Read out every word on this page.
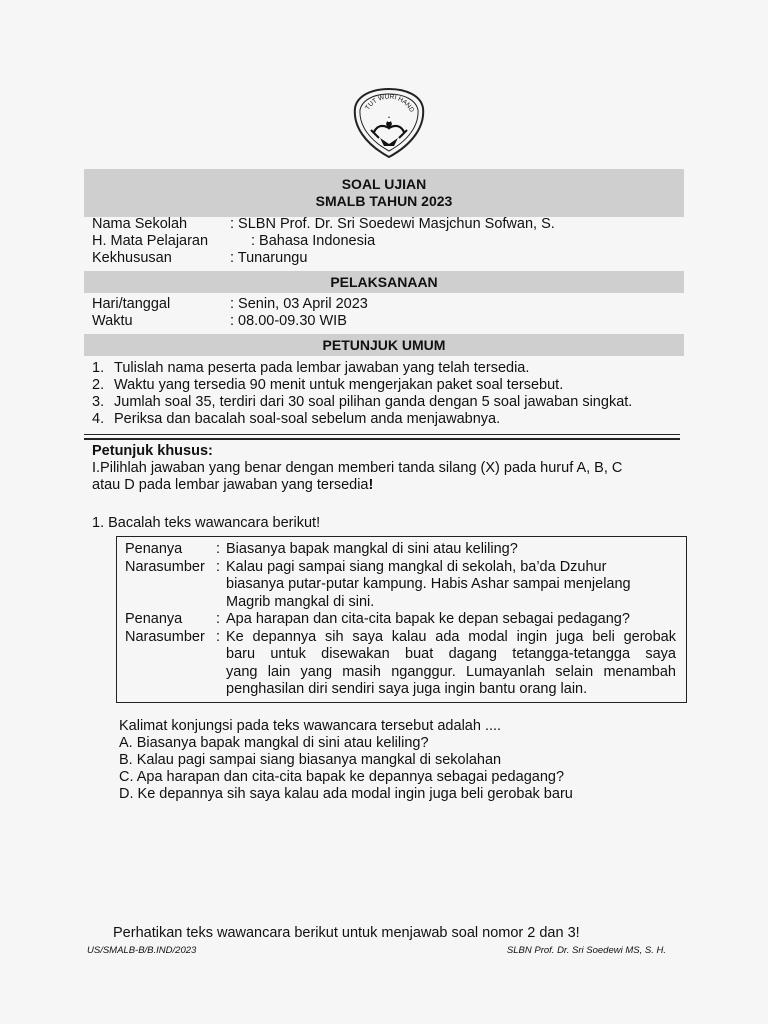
TUT WURI HAND
SOAL UJIAN
SMALB TAHUN 2023
Nama Sekolah	: SLBN Prof. Dr. Sri Soedewi Masjchun Sofwan, S.
H. Mata Pelajaran	: Bahasa Indonesia
Kekhususan	: Tunarungu
PELAKSANAAN
Hari/tanggal	: Senin, 03 April 2023
Waktu	: 08.00-09.30 WIB
PETUNJUK UMUM
1. Tulislah nama peserta pada lembar jawaban yang telah tersedia.
2. Waktu yang tersedia 90 menit untuk mengerjakan paket soal tersebut.
3. Jumlah soal 35, terdiri dari 30 soal pilihan ganda dengan 5 soal jawaban singkat.
4. Periksa dan bacalah soal-soal sebelum anda menjawabnya.
Petunjuk khusus:
I.Pilihlah jawaban yang benar dengan memberi tanda silang (X) pada huruf A, B, C
atau D pada lembar jawaban yang tersedia!
1. Bacalah teks wawancara berikut!
Penanya : Biasanya bapak mangkal di sini atau keliling?
Narasumber : Kalau pagi sampai siang mangkal di sekolah, ba’da Dzuhur
biasanya putar-putar kampung. Habis Ashar sampai menjelang
Magrib mangkal di sini.
Penanya : Apa harapan dan cita-cita bapak ke depan sebagai pedagang?
Narasumber : Ke depannya sih saya kalau ada modal ingin juga beli gerobak
baru untuk disewakan buat dagang tetangga-tetangga saya
yang lain yang masih nganggur. Lumayanlah selain menambah
penghasilan diri sendiri saya juga ingin bantu orang lain.
Kalimat konjungsi pada teks wawancara tersebut adalah ....
A. Biasanya bapak mangkal di sini atau keliling?
B. Kalau pagi sampai siang biasanya mangkal di sekolahan
C. Apa harapan dan cita-cita bapak ke depannya sebagai pedagang?
D. Ke depannya sih saya kalau ada modal ingin juga beli gerobak baru
Perhatikan teks wawancara berikut untuk menjawab soal nomor 2 dan 3!
US/SMALB-B/B.IND/2023	SLBN Prof. Dr. Sri Soedewi MS, S. H.
